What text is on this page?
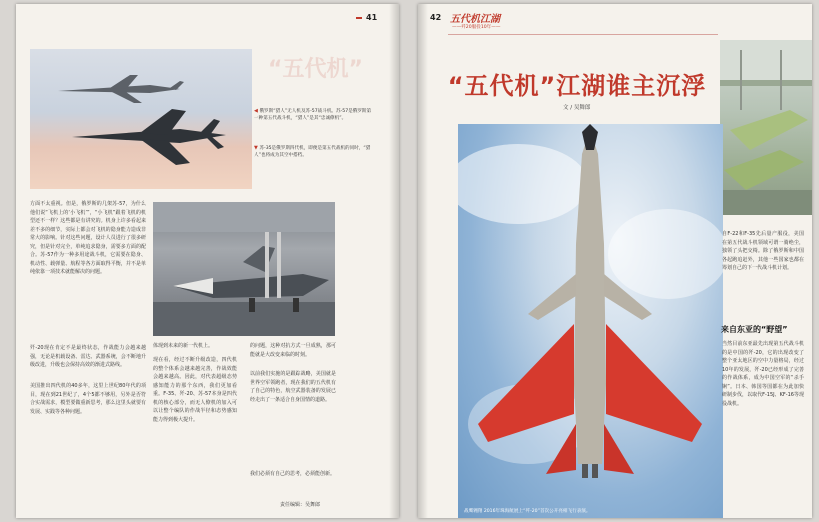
41
“五代机”
◀ 俄罗斯“猎人”无人机及苏-57战斗机。苏-57是俄罗斯第一种第五代战斗机，“猎人”是其“忠诚僚机”。
▼ 苏-35是俄罗斯四代机，即便是第五代战机的同时，“猎人”也将成为其空中搭档。
方面不太重视。但是，俄罗斯的几架苏-57，为什么他们说“飞机上的‘小飞机’”，“小飞机”跟着飞机的机型还不一样？这些都是有讲究的。机身上许多看起来差不多的细节，实际上都会对飞机的隐身能力造成非常大的影响。针对这些问题，设计人员进行了很多研究，但是针对完全，单纯追求隐身，需要多方面的配合。苏-57作为一种多用途战斗机，它需要在隐身、机动性、载弹量、航程等各方面取得平衡，并不是单纯依靠一项技术就能解决的问题。
歼-20现在肯定不是最终状态，作战能力会越来越强，无论是机载设备、雷达、武器系统，会不断地升级改进，升级也会保持高效的渐进式路线。
美国推出四代机的40多年，这里上世纪80年代的项目，现在到21世纪了，4个5都不够用，另外是否符合实战需求，模型要做重新思考，那么这里头就要有发展、实践等各种问题。
体现到未来的新一代机上。
现在看，经过不断升级改造，四代机的整个体系会越来越完善，作战效能会越来越高。因此，对代表超级态势感知能力的那个东西，我们更加看重。F-35、歼-20、苏-57本身是四代机的核心部分，而无人僚机的加入可以让整个编队的作战半径和态势感知能力得到极大提升。
的问题，这种对抗方式一旦成熟，那可能就是大改变来临的时刻。
以前我们实施的是跟踪战略，美国就是世界空军领跑者，现在我们的五代机有了自己的特色，航空武器装备的发展已经走出了一条适合自身国情的道路。
我们必须有自己的思考，必须能创新。
责任编辑：吴舞郎
42 五代机江湖
——歼20服役10年——
“五代机”江湖谁主沉浮
文 / 吴舞郎
战鹰翱翔 2016年珠海航展上“歼-20”首次公开亮相飞行表演。
自F-22和F-35先后量产服役，美国在第五代战斗机领域可谓一骑绝尘，独领了头把交椅。除了俄罗斯和中国各起跑追赶外，其他一些国家也都在筹划自己的下一代战斗机计划。
来自东亚的“野望”
当然目前东亚最先出现第五代战斗机的是中国的歼-20，它的出现改变了整个亚太地区的空中力量格局，经过10年的发展，歼-20已经形成了完善的作战体系，成为中国空军的“杀手锏”。日本、韩国等国都在为此加快研制步伐，以取代F-15J、KF-16等现役战机。
